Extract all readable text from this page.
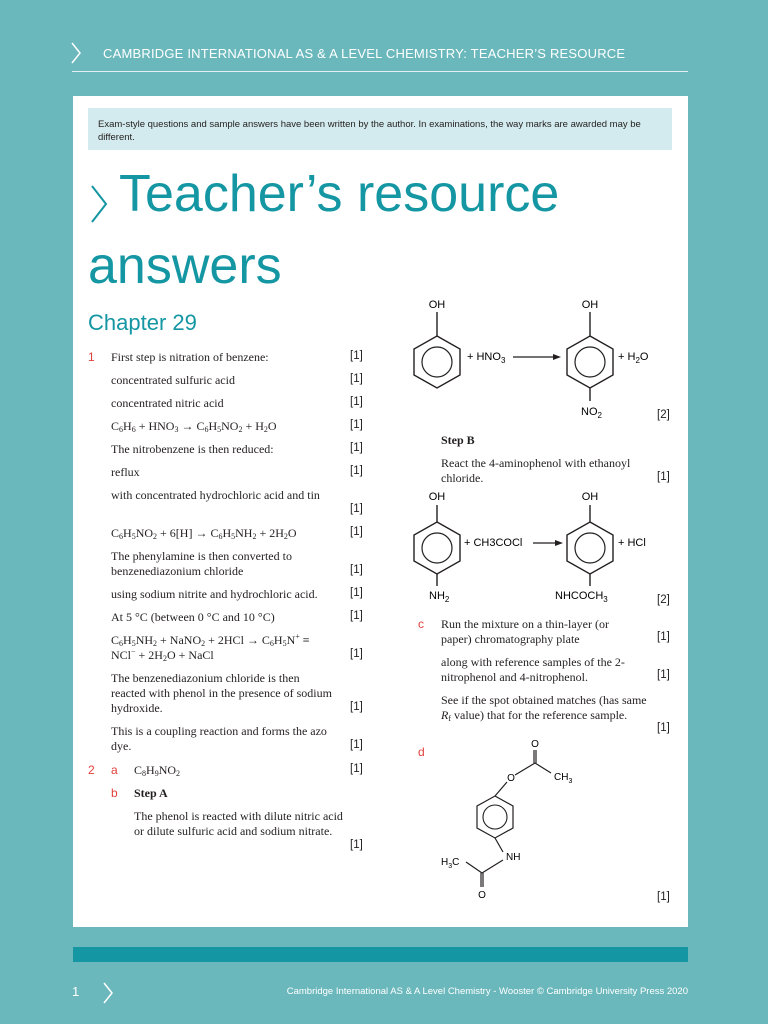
CAMBRIDGE INTERNATIONAL AS & A LEVEL CHEMISTRY: TEACHER’S RESOURCE
Exam-style questions and sample answers have been written by the author. In examinations, the way marks are awarded may be different.
Teacher’s resource
answers
Chapter 29
1 First step is nitration of benzene:	[1]
concentrated sulfuric acid	[1]
concentrated nitric acid	[1]
$C_6H_6 + HNO_3 \to C_6H_5NO_2 + H_2O$	[1]
The nitrobenzene is then reduced:	[1]
reflux	[1]
with concentrated hydrochloric acid and tin
[1]
$C_6H_5NO_2 + 6[H] \to C_6H_5NH_2 + 2H_2O$	[1]
The phenylamine is then converted to benzenediazonium chloride	[1]
using sodium nitrite and hydrochloric acid.	[1]
At 5 °C (between 0 °C and 10 °C)	[1]
$C_6H_5NH_2$ + NaNO$_2$ + $2HCl \to C_6H_5N^+$ ≡
$NCl^- + 2H_2O$ + NaCl	[1]
The benzenediazonium chloride is then reacted with phenol in the presence of sodium hydroxide.	[1]
This is a coupling reaction and forms the azo dye.	[1]
2 a $C_8H_9NO_2$	[1]
b Step A
The phenol is reacted with dilute nitric acid or dilute sulfuric acid and sodium nitrate.
[1]
OH
+ $HNO_3$
OH
$NO_2$
+ $H_2O$
[2]
Step B
React the 4-aminophenol with ethanoyl chloride.	[1]
OH
$NH_2$
+ CH3COCl
OH
$NHCOCH_3$
+ HCl
[2]
c Run the mixture on a thin-layer (or paper) chromatography plate	[1]
along with reference samples of the 2-nitrophenol and 4-nitrophenol.	[1]
See if the spot obtained matches (has same $R_f$ value) that for the reference sample.
[1]
d
O
O	$CH_3$
NH
$H_3C$
O	[1]
1	Cambridge International AS & A Level Chemistry - Wooster © Cambridge University Press 2020
